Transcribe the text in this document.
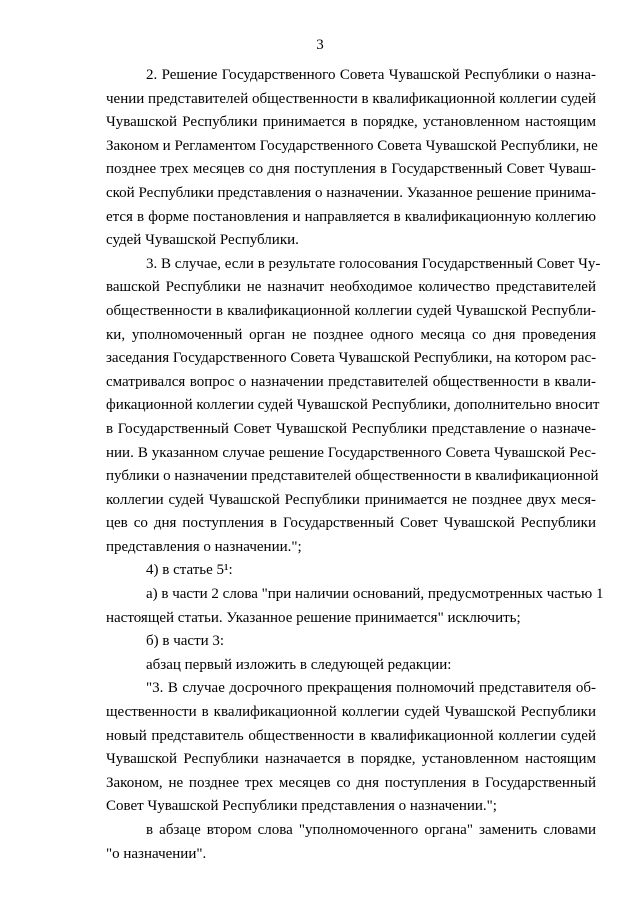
3
2. Решение Государственного Совета Чувашской Республики о назна-
чении представителей общественности в квалификационной коллегии судей
Чувашской Республики принимается в порядке, установленном настоящим
Законом и Регламентом Государственного Совета Чувашской Республики, не
позднее трех месяцев со дня поступления в Государственный Совет Чуваш-
ской Республики представления о назначении. Указанное решение принима-
ется в форме постановления и направляется в квалификационную коллегию
судей Чувашской Республики.
3. В случае, если в результате голосования Государственный Совет Чу-
вашской Республики не назначит необходимое количество представителей
общественности в квалификационной коллегии судей Чувашской Республи-
ки, уполномоченный орган не позднее одного месяца со дня проведения
заседания Государственного Совета Чувашской Республики, на котором рас-
сматривался вопрос о назначении представителей общественности в квали-
фикационной коллегии судей Чувашской Республики, дополнительно вносит
в Государственный Совет Чувашской Республики представление о назначе-
нии. В указанном случае решение Государственного Совета Чувашской Рес-
публики о назначении представителей общественности в квалификационной
коллегии судей Чувашской Республики принимается не позднее двух меся-
цев со дня поступления в Государственный Совет Чувашской Республики
представления о назначении.";
4) в статье 5¹:
а) в части 2 слова "при наличии оснований, предусмотренных частью 1
настоящей статьи. Указанное решение принимается" исключить;
б) в части 3:
абзац первый изложить в следующей редакции:
"3. В случае досрочного прекращения полномочий представителя об-
щественности в квалификационной коллегии судей Чувашской Республики
новый представитель общественности в квалификационной коллегии судей
Чувашской Республики назначается в порядке, установленном настоящим
Законом, не позднее трех месяцев со дня поступления в Государственный
Совет Чувашской Республики представления о назначении.";
в абзаце втором слова "уполномоченного органа" заменить словами
"о назначении".
